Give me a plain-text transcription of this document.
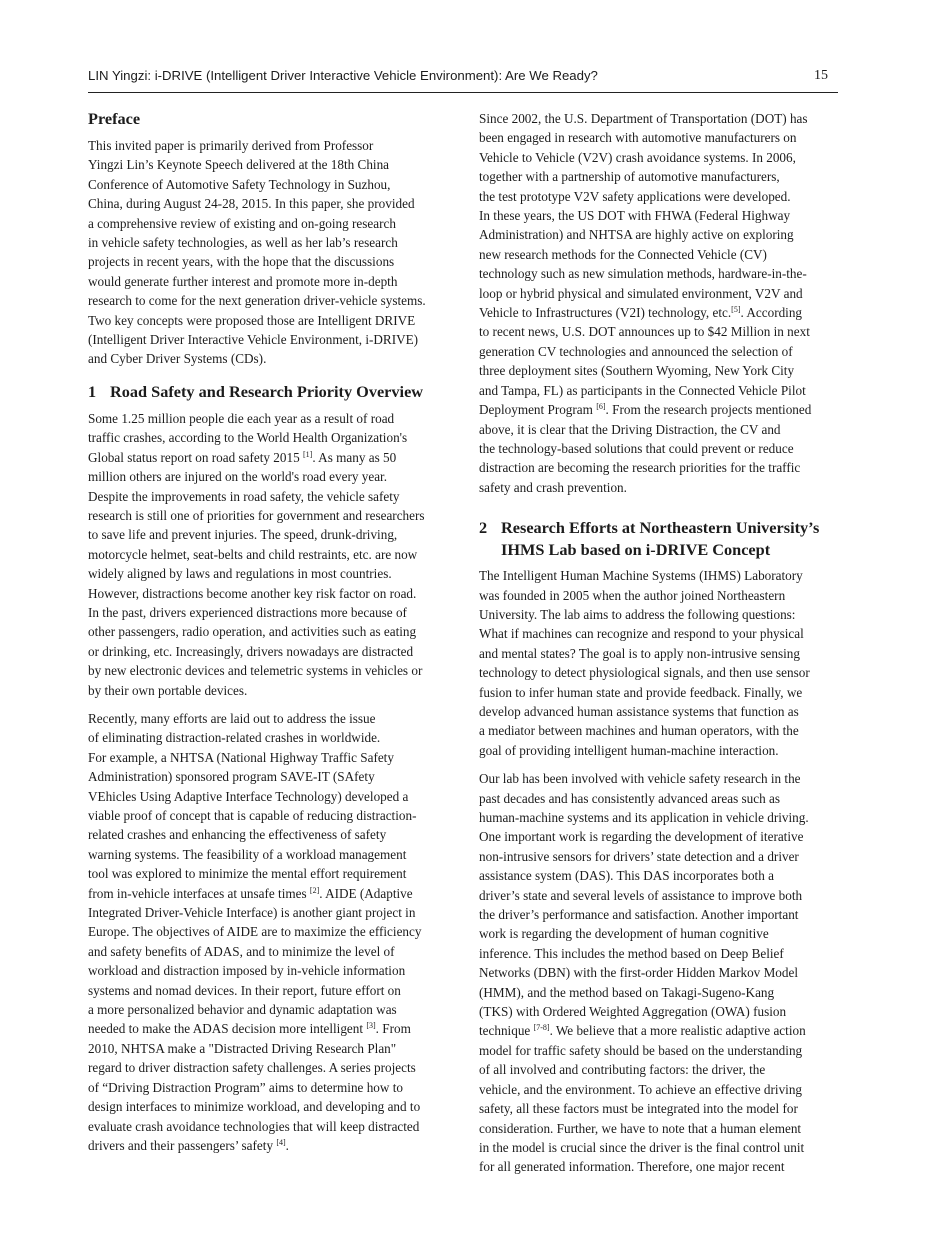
LIN Yingzi: i-DRIVE (Intelligent Driver Interactive Vehicle Environment): Are We Ready?	15
Preface

This invited paper is primarily derived from Professor
Yingzi Lin’s Keynote Speech delivered at the 18th China
Conference of Automotive Safety Technology in Suzhou,
China, during August 24-28, 2015. In this paper, she provided
a comprehensive review of existing and on-going research
in vehicle safety technologies, as well as her lab’s research
projects in recent years, with the hope that the discussions
would generate further interest and promote more in-depth
research to come for the next generation driver-vehicle systems.
Two key concepts were proposed those are Intelligent DRIVE
(Intelligent Driver Interactive Vehicle Environment, i-DRIVE)
and Cyber Driver Systems (CDs).

1 Road Safety and Research Priority Overview

Some 1.25 million people die each year as a result of road
traffic crashes, according to the World Health Organization's
Global status report on road safety 2015 [1]. As many as 50
million others are injured on the world's road every year.
Despite the improvements in road safety, the vehicle safety
research is still one of priorities for government and researchers
to save life and prevent injuries. The speed, drunk-driving,
motorcycle helmet, seat-belts and child restraints, etc. are now
widely aligned by laws and regulations in most countries.
However, distractions become another key risk factor on road.
In the past, drivers experienced distractions more because of
other passengers, radio operation, and activities such as eating
or drinking, etc. Increasingly, drivers nowadays are distracted
by new electronic devices and telemetric systems in vehicles or
by their own portable devices.

Recently, many efforts are laid out to address the issue
of eliminating distraction-related crashes in worldwide.
For example, a NHTSA (National Highway Traffic Safety
Administration) sponsored program SAVE-IT (SAfety
VEhicles Using Adaptive Interface Technology) developed a
viable proof of concept that is capable of reducing distraction-
related crashes and enhancing the effectiveness of safety
warning systems. The feasibility of a workload management
tool was explored to minimize the mental effort requirement
from in-vehicle interfaces at unsafe times [2]. AIDE (Adaptive
Integrated Driver-Vehicle Interface) is another giant project in
Europe. The objectives of AIDE are to maximize the efficiency
and safety benefits of ADAS, and to minimize the level of
workload and distraction imposed by in-vehicle information
systems and nomad devices. In their report, future effort on
a more personalized behavior and dynamic adaptation was
needed to make the ADAS decision more intelligent [3]. From
2010, NHTSA make a "Distracted Driving Research Plan"
regard to driver distraction safety challenges. A series projects
of “Driving Distraction Program” aims to determine how to
design interfaces to minimize workload, and developing and to
evaluate crash avoidance technologies that will keep distracted
drivers and their passengers’ safety [4].

Since 2002, the U.S. Department of Transportation (DOT) has
been engaged in research with automotive manufacturers on
Vehicle to Vehicle (V2V) crash avoidance systems. In 2006,
together with a partnership of automotive manufacturers,
the test prototype V2V safety applications were developed.
In these years, the US DOT with FHWA (Federal Highway
Administration) and NHTSA are highly active on exploring
new research methods for the Connected Vehicle (CV)
technology such as new simulation methods, hardware-in-the-
loop or hybrid physical and simulated environment, V2V and
Vehicle to Infrastructures (V2I) technology, etc.[5]. According
to recent news, U.S. DOT announces up to $42 Million in next
generation CV technologies and announced the selection of
three deployment sites (Southern Wyoming, New York City
and Tampa, FL) as participants in the Connected Vehicle Pilot
Deployment Program [6]. From the research projects mentioned
above, it is clear that the Driving Distraction, the CV and
the technology-based solutions that could prevent or reduce
distraction are becoming the research priorities for the traffic
safety and crash prevention.

2 Research Efforts at Northeastern University’s
IHMS Lab based on i-DRIVE Concept

The Intelligent Human Machine Systems (IHMS) Laboratory
was founded in 2005 when the author joined Northeastern
University. The lab aims to address the following questions:
What if machines can recognize and respond to your physical
and mental states? The goal is to apply non-intrusive sensing
technology to detect physiological signals, and then use sensor
fusion to infer human state and provide feedback. Finally, we
develop advanced human assistance systems that function as
a mediator between machines and human operators, with the
goal of providing intelligent human-machine interaction.

Our lab has been involved with vehicle safety research in the
past decades and has consistently advanced areas such as
human-machine systems and its application in vehicle driving.
One important work is regarding the development of iterative
non-intrusive sensors for drivers’ state detection and a driver
assistance system (DAS). This DAS incorporates both a
driver’s state and several levels of assistance to improve both
the driver’s performance and satisfaction. Another important
work is regarding the development of human cognitive
inference. This includes the method based on Deep Belief
Networks (DBN) with the first-order Hidden Markov Model
(HMM), and the method based on Takagi-Sugeno-Kang
(TKS) with Ordered Weighted Aggregation (OWA) fusion
technique [7-8]. We believe that a more realistic adaptive action
model for traffic safety should be based on the understanding
of all involved and contributing factors: the driver, the
vehicle, and the environment. To achieve an effective driving
safety, all these factors must be integrated into the model for
consideration. Further, we have to note that a human element
in the model is crucial since the driver is the final control unit
for all generated information. Therefore, one major recent
